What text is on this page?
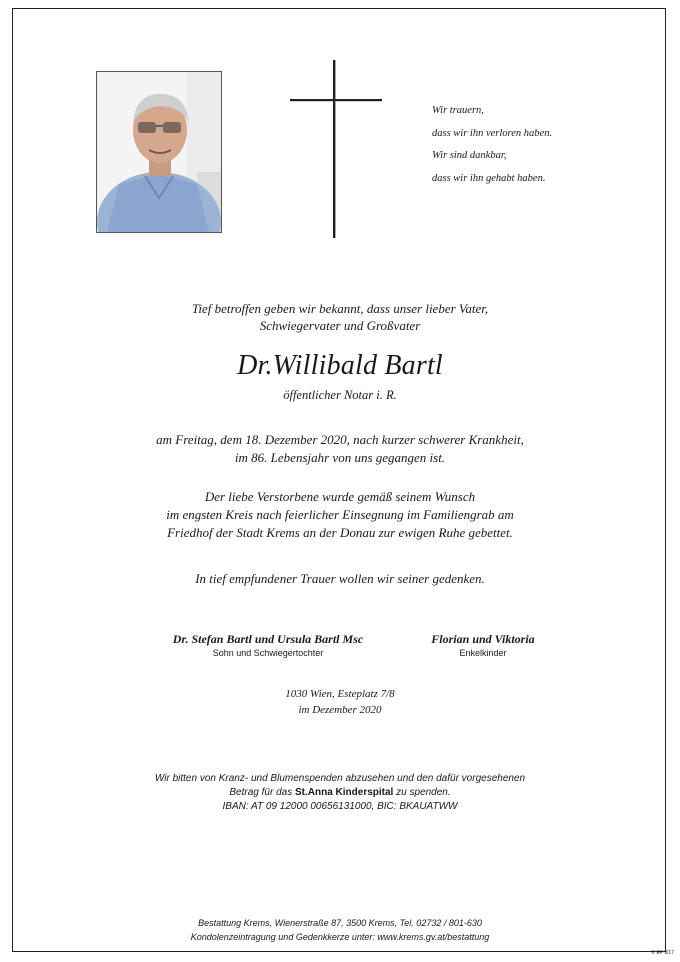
Wir trauern,
dass wir ihn verloren haben.
Wir sind dankbar,
dass wir ihn gehabt haben.
Tief betroffen geben wir bekannt, dass unser lieber Vater,
Schwiegervater und Großvater
Dr.Willibald Bartl
öffentlicher Notar i. R.
am Freitag, dem 18. Dezember 2020, nach kurzer schwerer Krankheit,
im 86. Lebensjahr von uns gegangen ist.
Der liebe Verstorbene wurde gemäß seinem Wunsch
im engsten Kreis nach feierlicher Einsegnung im Familiengrab am
Friedhof der Stadt Krems an der Donau zur ewigen Ruhe gebettet.
In tief empfundener Trauer wollen wir seiner gedenken.
Dr. Stefan Bartl und Ursula Bartl Msc
Sohn und Schwiegertochter
Florian und Viktoria
Enkelkinder
1030 Wien, Esteplatz 7/8
im Dezember 2020
Wir bitten von Kranz- und Blumenspenden abzusehen und den dafür vorgesehenen
Betrag für das St.Anna Kinderspital zu spenden.
IBAN: AT 09 12000 00656131000, BIC: BKAUATWW
Bestattung Krems, Wienerstraße 87, 3500 Krems, Tel. 02732 / 801-630
Kondolenzeintragung und Gedenkkerze unter: www.krems.gv.at/bestattung
© EF 9/17
